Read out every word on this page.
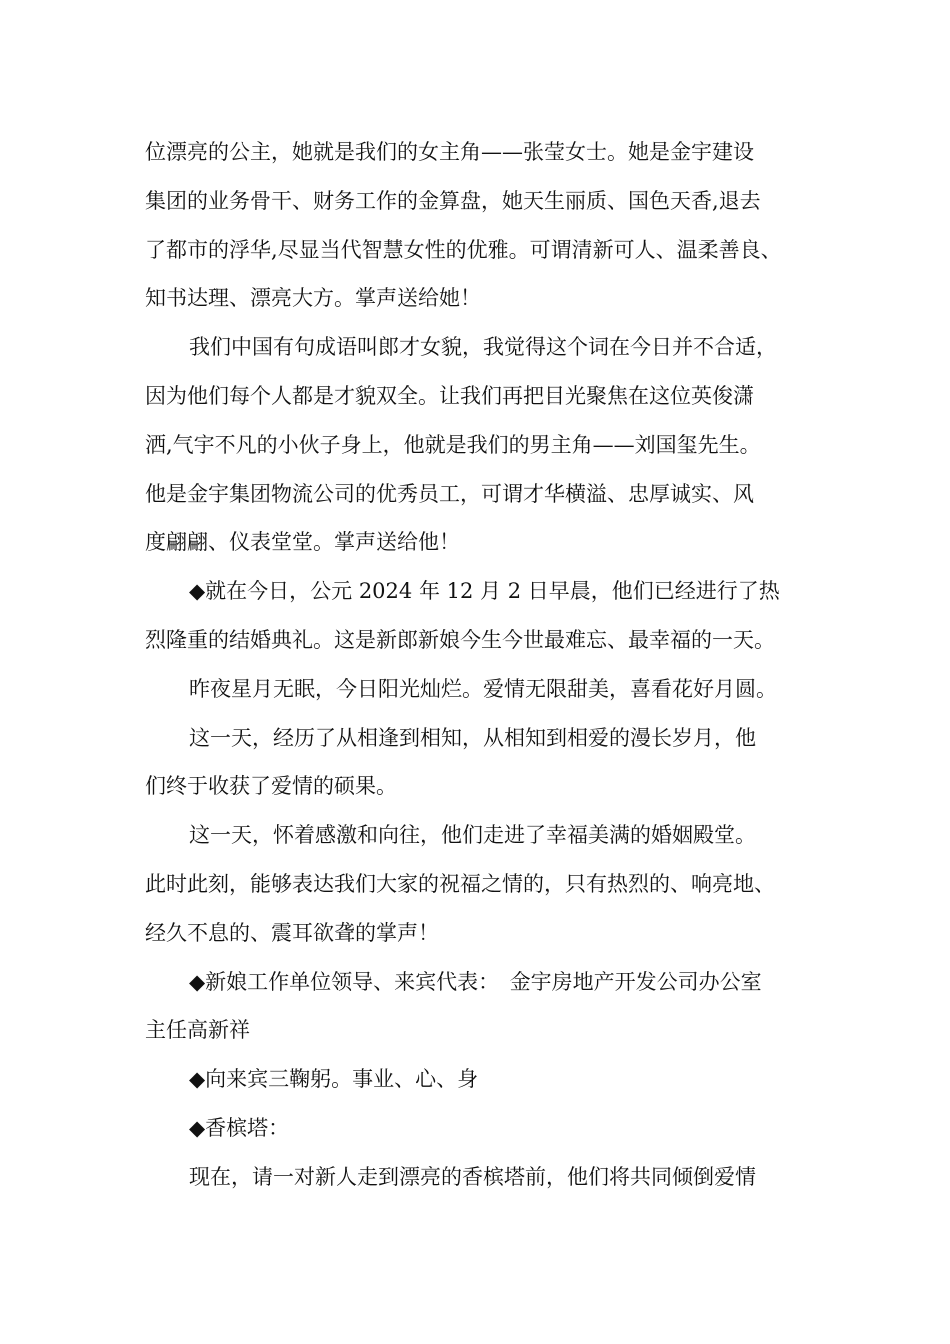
位漂亮的公主，她就是我们的女主角——张莹女士。她是金宇建设
集团的业务骨干、财务工作的金算盘，她天生丽质、国色天香,退去
了都市的浮华,尽显当代智慧女性的优雅。可谓清新可人、温柔善良、
知书达理、漂亮大方。掌声送给她！
我们中国有句成语叫郎才女貌，我觉得这个词在今日并不合适，
因为他们每个人都是才貌双全。让我们再把目光聚焦在这位英俊潇
洒,气宇不凡的小伙子身上，他就是我们的男主角——刘国玺先生。
他是金宇集团物流公司的优秀员工，可谓才华横溢、忠厚诚实、风
度翩翩、仪表堂堂。掌声送给他！
◆就在今日，公元 2024 年 12 月 2 日早晨，他们已经进行了热
烈隆重的结婚典礼。这是新郎新娘今生今世最难忘、最幸福的一天。
昨夜星月无眠，今日阳光灿烂。爱情无限甜美，喜看花好月圆。
这一天，经历了从相逢到相知，从相知到相爱的漫长岁月，他
们终于收获了爱情的硕果。
这一天，怀着感激和向往，他们走进了幸福美满的婚姻殿堂。
此时此刻，能够表达我们大家的祝福之情的，只有热烈的、响亮地、
经久不息的、震耳欲聋的掌声！
◆新娘工作单位领导、来宾代表：　金宇房地产开发公司办公室
主任高新祥
◆向来宾三鞠躬。事业、心、身
◆香槟塔：
现在，请一对新人走到漂亮的香槟塔前，他们将共同倾倒爱情
